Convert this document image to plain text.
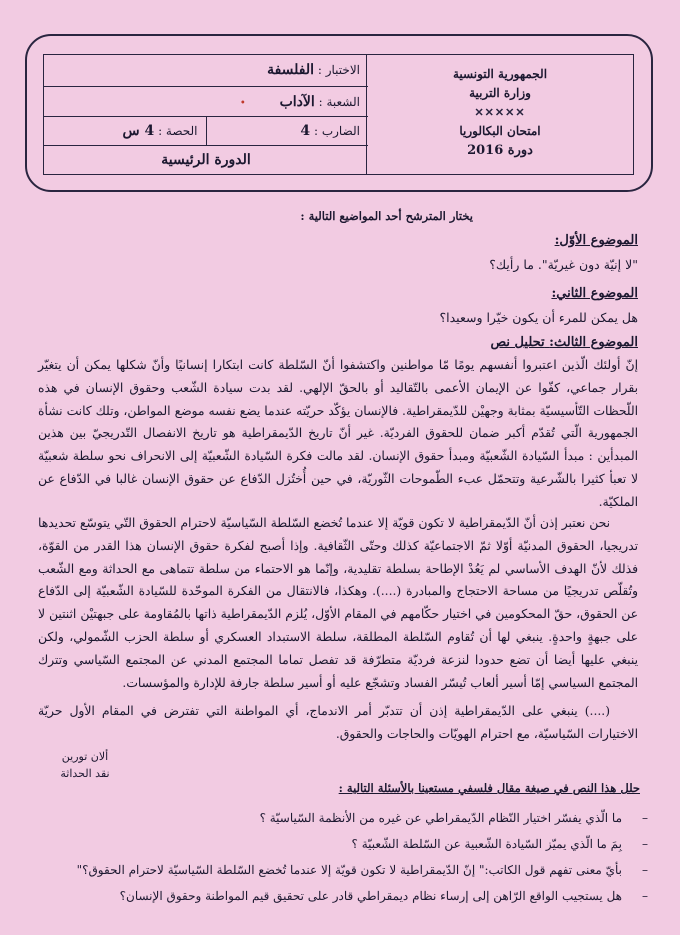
الجمهورية التونسية
وزارة التربية
✕✕✕✕✕
امتحان البكالوريا
دورة 2016
الاختبار : الفلسفة
الشعبة : الآداب •
الضارب : 4
الحصة : 4 س
الدورة الرئيسية
يختار المترشح أحد المواضيع التالية :
الموضوع الأوّل:
"لا إنيّة دون غيريّة". ما رأيك؟
الموضوع الثاني:
هل يمكن للمرء أن يكون خيّرا وسعيدا؟
الموضوع الثالث: تحليل نص
إنّ أولئك الّذين اعتبروا أنفسهم يومًا مّا مواطنين واكتشفوا أنّ السّلطة كانت ابتكارا إنسانيًا وأنّ شكلها يمكن أن يتغيّر بقرار جماعي، كفّوا عن الإيمان الأعمى بالتّقاليد أو بالحقّ الإلهي. لقد بدت سيادة الشّعب وحقوق الإنسان في هذه اللّحظات التّأسيسيّة بمثابة وجهيْن للدّيمقراطية. فالإنسان يؤكّد حريّته عندما يضع نفسه موضع المواطن، وتلك كانت نشأة الجمهورية الّتي تُقدّم أكبر ضمان للحقوق الفرديّة. غير أنّ تاريخ الدّيمقراطية هو تاريخ الانفصال التّدريجيّ بين هذين المبدأين : مبدأ السّيادة الشّعبيّة ومبدأ حقوق الإنسان. لقد مالت فكرة السّيادة الشّعبيّة إلى الانحراف نحو سلطة شعبيّة لا تعبأ كثيرا بالشّرعية وتتحمّل عبء الطّموحات الثّوريّة، في حين أُختُزل الدّفاع عن حقوق الإنسان غالبا في الدّفاع عن الملكيّة.
نحن نعتبر إذن أنّ الدّيمقراطية لا تكون قويّة إلا عندما تُخضع السّلطة السّياسيّة لاحترام الحقوق التّي يتوسّع تحديدها تدريجيا، الحقوق المدنيّة أوّلا ثمّ الاجتماعيّة كذلك وحتّى الثّقافية. وإذا أصبح لفكرة حقوق الإنسان هذا القدر من القوّة، فذلك لأنّ الهدف الأساسي لم يَعُدْ الإطاحة بسلطة تقليدية، وإنّما هو الاحتماء من سلطة تتماهى مع الحداثة ومع الشّعب وتُقلّص تدريجيًا من مساحة الاحتجاج والمبادرة (....). وهكذا، فالانتقال من الفكرة الموحّدة للسّيادة الشّعبيّة إلى الدّفاع عن الحقوق، حقّ المحكومين في اختيار حكّامهم في المقام الأوّل، يُلزم الدّيمقراطية ذاتها بالمُقاومة على جبهتيْن اثنتين لا على جبهةٍ واحدةٍ. ينبغي لها أن تُقاوم السّلطة المطلقة، سلطة الاستبداد العسكري أو سلطة الحزب الشّمولي، ولكن ينبغي عليها أيضا أن تضع حدودا لنزعة فرديّة متطرّفة قد تفصل تماما المجتمع المدني عن المجتمع السّياسي وتترك المجتمع السياسي إمّا أسير ألعاب تُيسّر الفساد وتشجّع عليه أو أسير سلطة جارفة للإدارة والمؤسسات.
(....) ينبغي على الدّيمقراطية إذن أن تتدبّر أمر الاندماج، أي المواطنة التي تفترض في المقام الأول حريّة الاختيارات السّياسيّة، مع احترام الهويّات والحاجات والحقوق.
ألان تورين
نقد الحداثة
حلل هذا النص في صيغة مقال فلسفي مستعينا بالأسئلة التالية :
– ما الّذي يفسّر اختيار النّظام الدّيمقراطي عن غيره من الأنظمة السّياسيّة ؟
– بِمَ ما الّذي يميّز السّيادة الشّعبية عن السّلطة الشّعبيّة ؟
– بأيّ معنى تفهم قول الكاتب:" إنّ الدّيمقراطية لا تكون قويّة إلا عندما تُخضع السّلطة السّياسيّة لاحترام الحقوق؟"
– هل يستجيب الواقع الرّاهن إلى إرساء نظام ديمقراطي قادر على تحقيق قيم المواطنة وحقوق الإنسان؟
